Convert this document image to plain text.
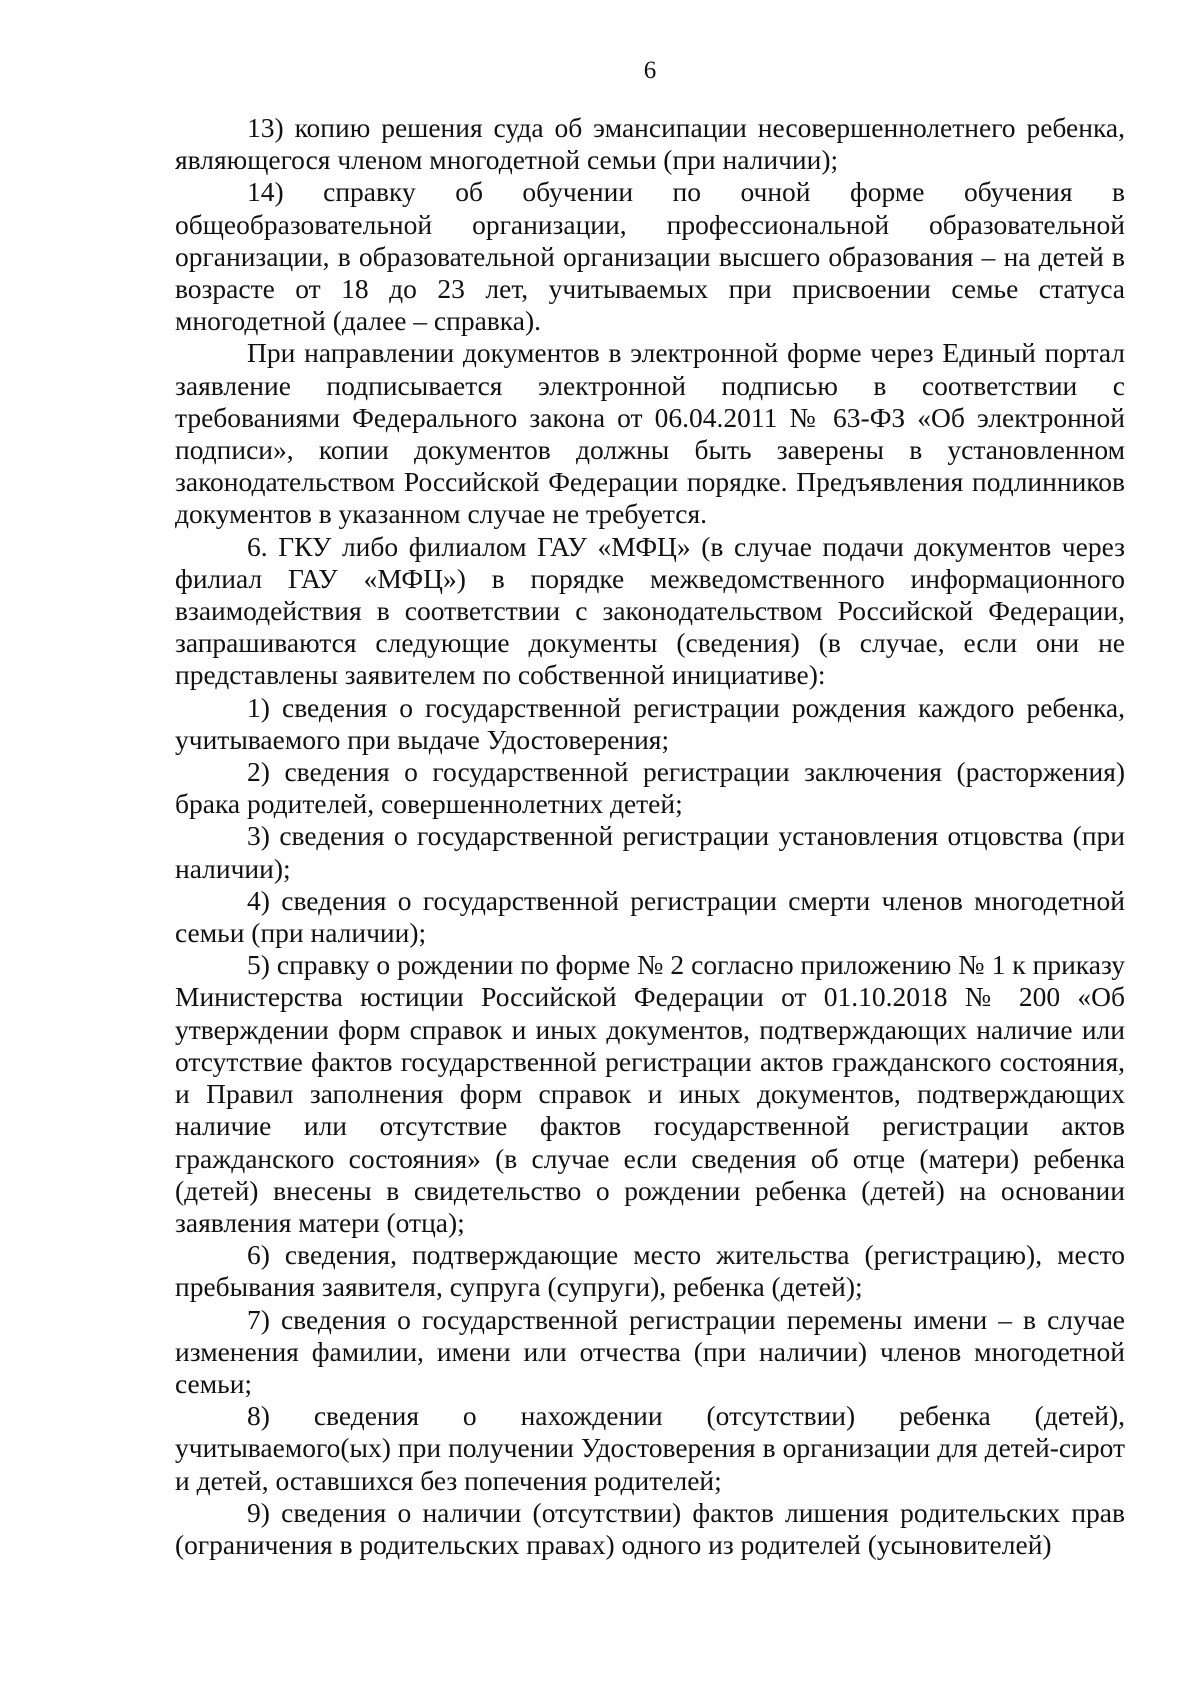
6

13) копию решения суда об эмансипации несовершеннолетнего ребенка, являющегося членом многодетной семьи (при наличии);

14) справку об обучении по очной форме обучения в общеобразовательной организации, профессиональной образовательной организации, в образовательной организации высшего образования – на детей в возрасте от 18 до 23 лет, учитываемых при присвоении семье статуса многодетной (далее – справка).

При направлении документов в электронной форме через Единый портал заявление подписывается электронной подписью в соответствии с требованиями Федерального закона от 06.04.2011 № 63-ФЗ «Об электронной подписи», копии документов должны быть заверены в установленном законодательством Российской Федерации порядке. Предъявления подлинников документов в указанном случае не требуется.

6. ГКУ либо филиалом ГАУ «МФЦ» (в случае подачи документов через филиал ГАУ «МФЦ») в порядке межведомственного информационного взаимодействия в соответствии с законодательством Российской Федерации, запрашиваются следующие документы (сведения) (в случае, если они не представлены заявителем по собственной инициативе):

1) сведения о государственной регистрации рождения каждого ребенка, учитываемого при выдаче Удостоверения;

2) сведения о государственной регистрации заключения (расторжения) брака родителей, совершеннолетних детей;

3) сведения о государственной регистрации установления отцовства (при наличии);

4) сведения о государственной регистрации смерти членов многодетной семьи (при наличии);

5) справку о рождении по форме № 2 согласно приложению № 1 к приказу Министерства юстиции Российской Федерации от 01.10.2018 № 200 «Об утверждении форм справок и иных документов, подтверждающих наличие или отсутствие фактов государственной регистрации актов гражданского состояния, и Правил заполнения форм справок и иных документов, подтверждающих наличие или отсутствие фактов государственной регистрации актов гражданского состояния» (в случае если сведения об отце (матери) ребенка (детей) внесены в свидетельство о рождении ребенка (детей) на основании заявления матери (отца);

6) сведения, подтверждающие место жительства (регистрацию), место пребывания заявителя, супруга (супруги), ребенка (детей);

7) сведения о государственной регистрации перемены имени – в случае изменения фамилии, имени или отчества (при наличии) членов многодетной семьи;

8) сведения о нахождении (отсутствии) ребенка (детей), учитываемого(ых) при получении Удостоверения в организации для детей-сирот и детей, оставшихся без попечения родителей;

9) сведения о наличии (отсутствии) фактов лишения родительских прав (ограничения в родительских правах) одного из родителей (усыновителей)
